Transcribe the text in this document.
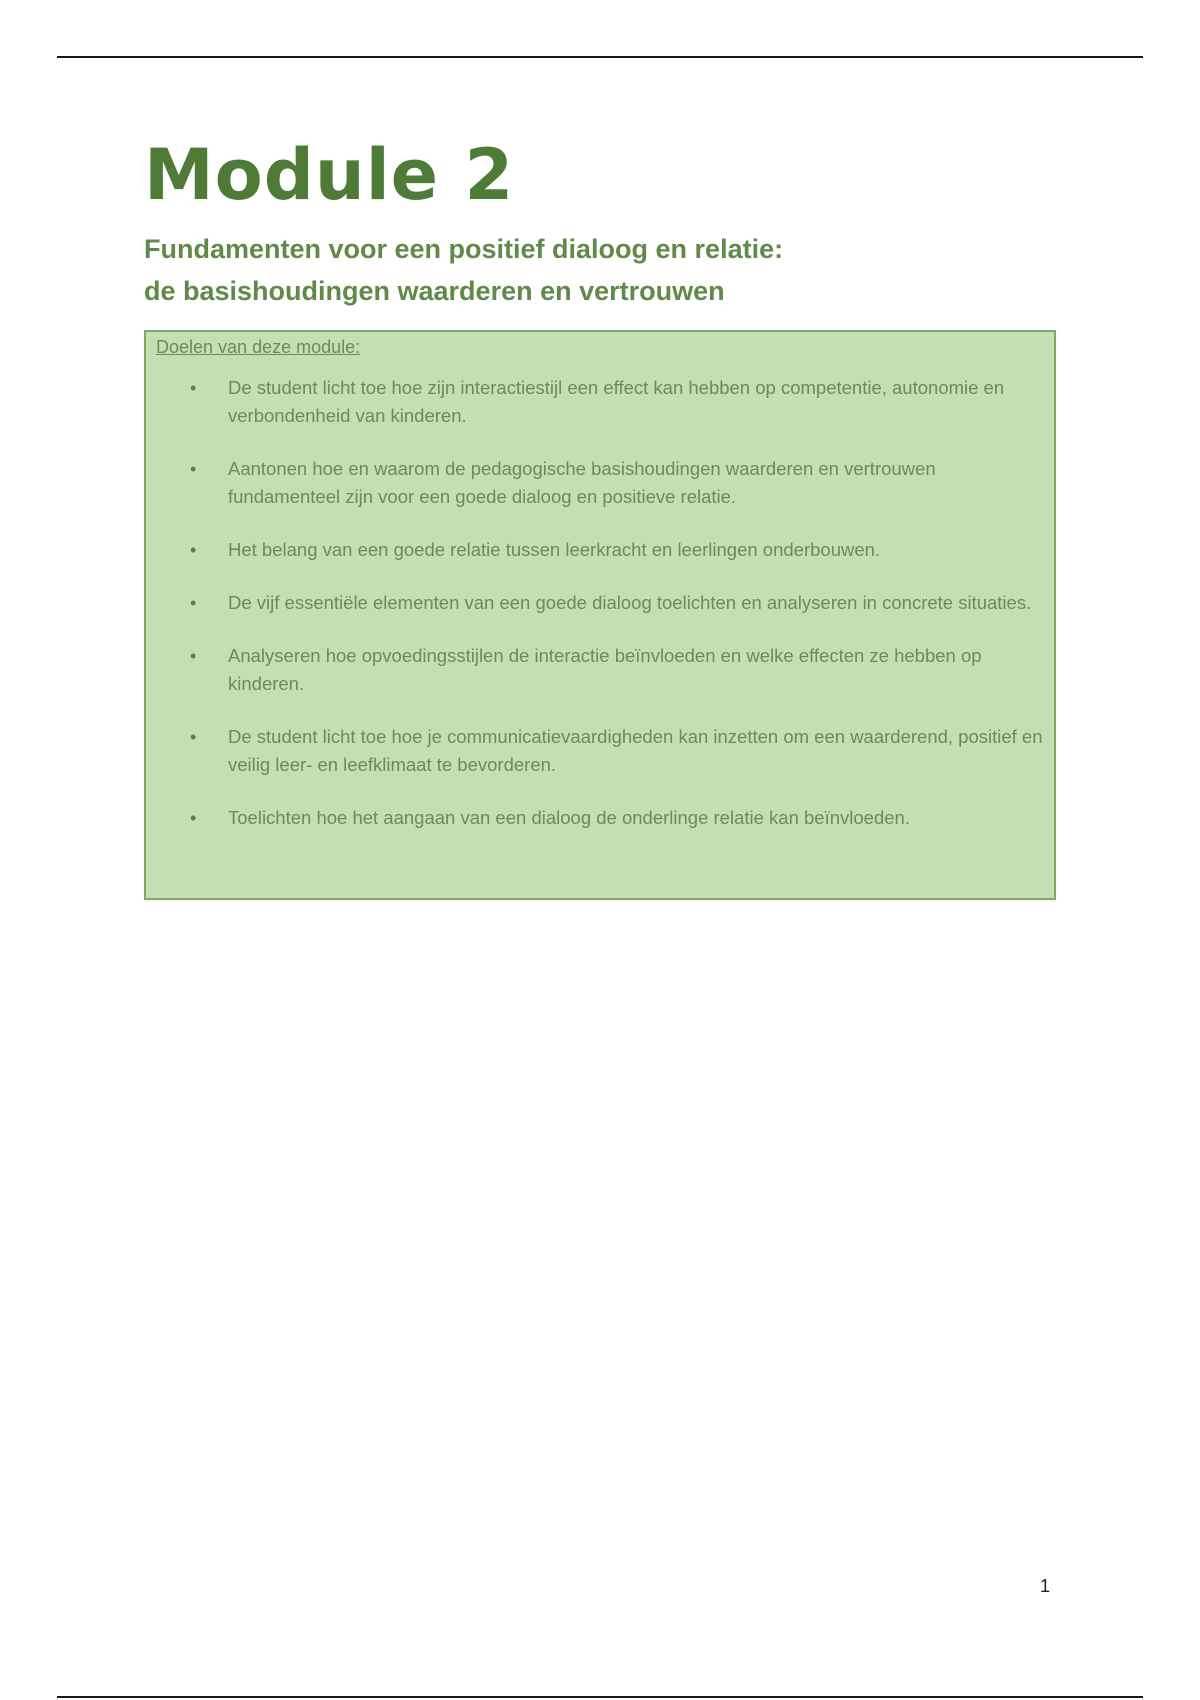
Module 2
Fundamenten voor een positief dialoog en relatie:
de basishoudingen waarderen en vertrouwen
Doelen van deze module:
• De student licht toe hoe zijn interactiestijl een effect kan hebben op competentie, autonomie en verbondenheid van kinderen.
• Aantonen hoe en waarom de pedagogische basishoudingen waarderen en vertrouwen fundamenteel zijn voor een goede dialoog en positieve relatie.
• Het belang van een goede relatie tussen leerkracht en leerlingen onderbouwen.
• De vijf essentiële elementen van een goede dialoog toelichten en analyseren in concrete situaties.
• Analyseren hoe opvoedingsstijlen de interactie beïnvloeden en welke effecten ze hebben op kinderen.
• De student licht toe hoe je communicatievaardigheden kan inzetten om een waarderend, positief en veilig leer- en leefklimaat te bevorderen.
• Toelichten hoe het aangaan van een dialoog de onderlinge relatie kan beïnvloeden.
1
